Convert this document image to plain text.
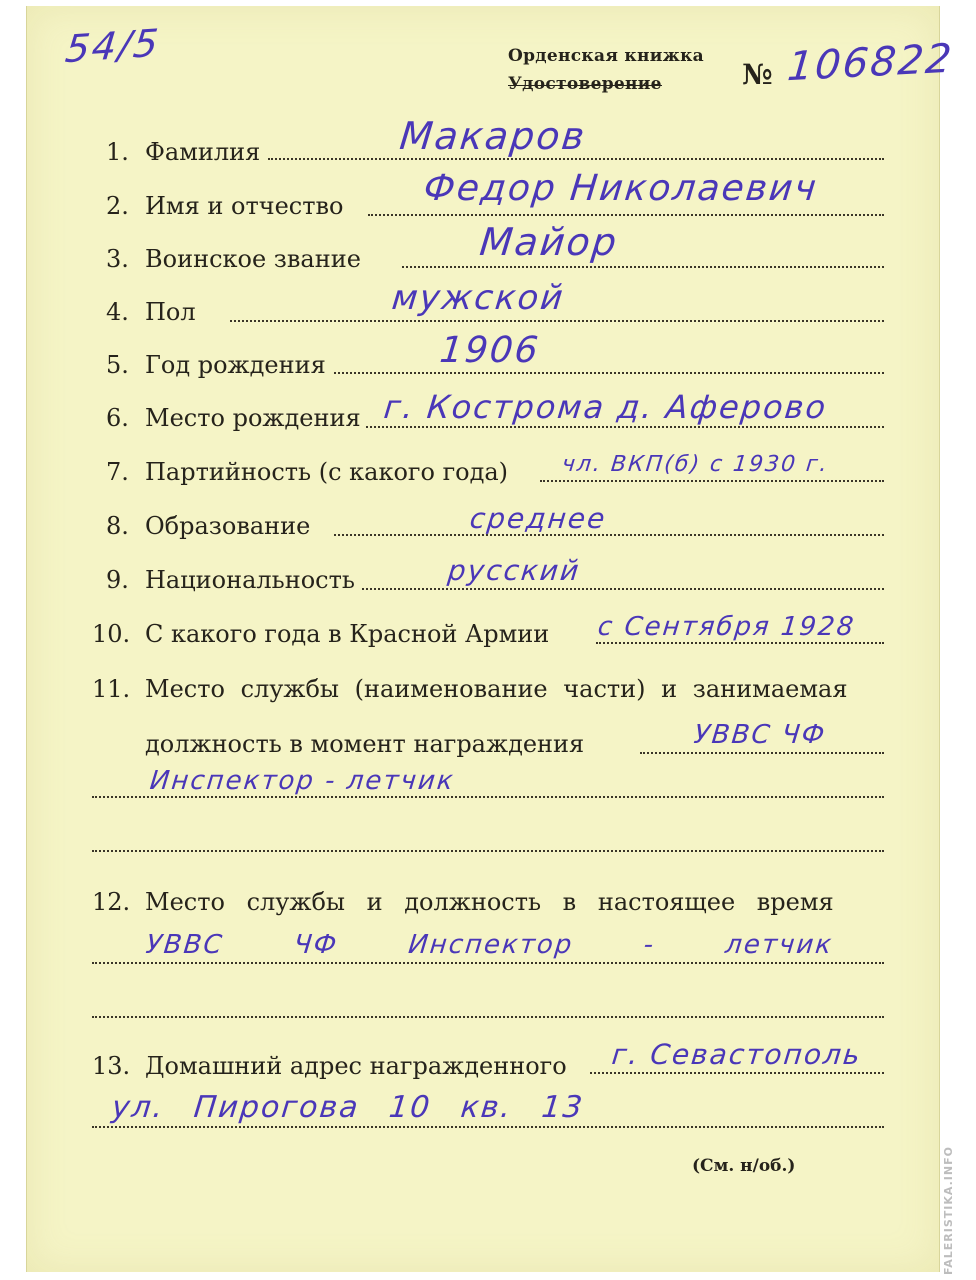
54/5	Орденская книжка
Удостоверение	№ 106822
1. Фамилия	Макаров
2. Имя и отчество Федор Николаевич
3. Воинское звание	Майор
4. Пол	мужской
5. Год рождения	1906
6. Место рождения г. Кострома д. Аферово
7. Партийность (с какого года) чл. ВКП(б) с 1930 г.
8. Образование	среднее
9. Национальность	русский
10. С какого года в Красной Армии с Сентября 1928
11. Место службы (наименование части) и занимаемая
должность в момент награждения	УВВС ЧФ
Инспектор - летчик
12. Место службы и должность в настоящее время
УВВС ЧФ Инспектор - летчик
13. Домашний адрес награжденного г. Севастополь
ул. Пирогова 10 кв. 13
(См. н/об.)	FALERISTIKA.INFO
